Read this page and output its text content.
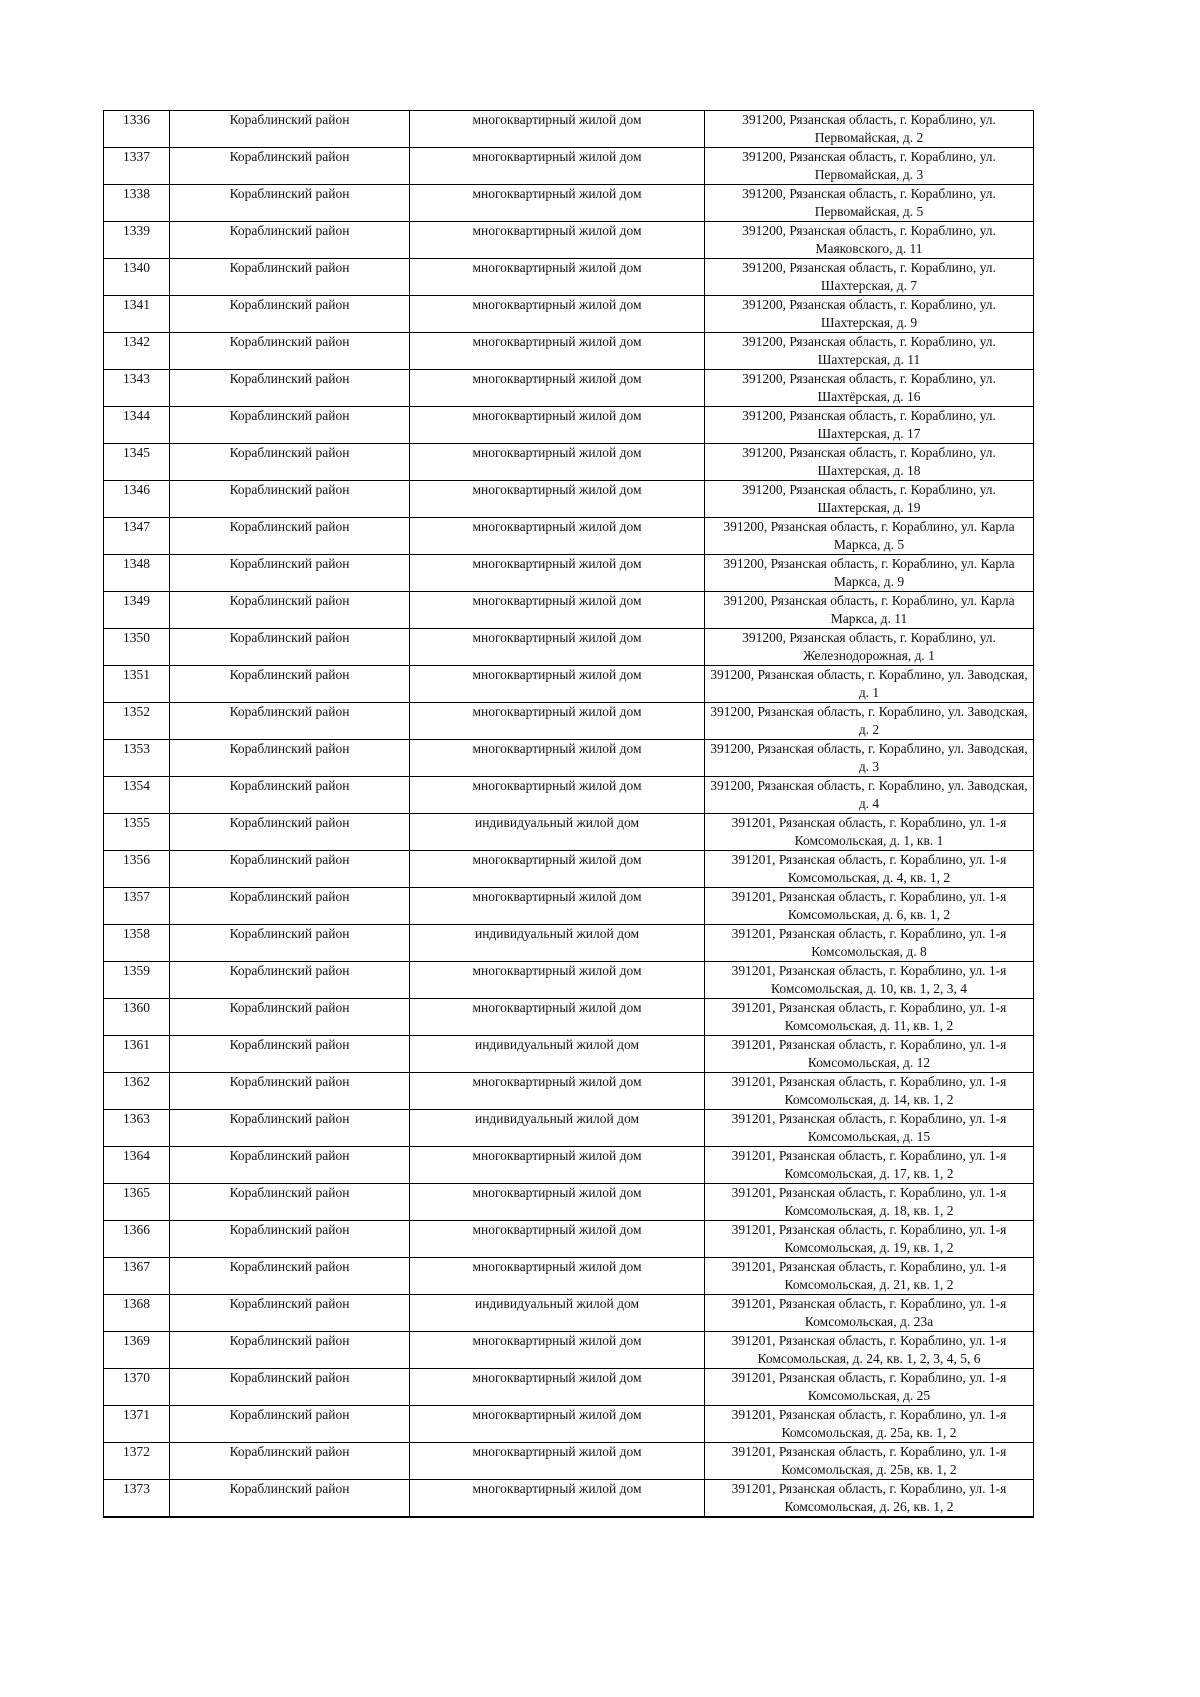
1336	Кораблинский район	многоквартирный жилой дом	391200, Рязанская область, г. Кораблино, ул. Первомайская, д. 2
1337	Кораблинский район	многоквартирный жилой дом	391200, Рязанская область, г. Кораблино, ул. Первомайская, д. 3
1338	Кораблинский район	многоквартирный жилой дом	391200, Рязанская область, г. Кораблино, ул. Первомайская, д. 5
1339	Кораблинский район	многоквартирный жилой дом	391200, Рязанская область, г. Кораблино, ул. Маяковского, д. 11
1340	Кораблинский район	многоквартирный жилой дом	391200, Рязанская область, г. Кораблино, ул. Шахтерская, д. 7
1341	Кораблинский район	многоквартирный жилой дом	391200, Рязанская область, г. Кораблино, ул. Шахтерская, д. 9
1342	Кораблинский район	многоквартирный жилой дом	391200, Рязанская область, г. Кораблино, ул. Шахтерская, д. 11
1343	Кораблинский район	многоквартирный жилой дом	391200, Рязанская область, г. Кораблино, ул. Шахтёрская, д. 16
1344	Кораблинский район	многоквартирный жилой дом	391200, Рязанская область, г. Кораблино, ул. Шахтерская, д. 17
1345	Кораблинский район	многоквартирный жилой дом	391200, Рязанская область, г. Кораблино, ул. Шахтерская, д. 18
1346	Кораблинский район	многоквартирный жилой дом	391200, Рязанская область, г. Кораблино, ул. Шахтерская, д. 19
1347	Кораблинский район	многоквартирный жилой дом	391200, Рязанская область, г. Кораблино, ул. Карла Маркса, д. 5
1348	Кораблинский район	многоквартирный жилой дом	391200, Рязанская область, г. Кораблино, ул. Карла Маркса, д. 9
1349	Кораблинский район	многоквартирный жилой дом	391200, Рязанская область, г. Кораблино, ул. Карла Маркса, д. 11
1350	Кораблинский район	многоквартирный жилой дом	391200, Рязанская область, г. Кораблино, ул. Железнодорожная, д. 1
1351	Кораблинский район	многоквартирный жилой дом	391200, Рязанская область, г. Кораблино, ул. Заводская, д. 1
1352	Кораблинский район	многоквартирный жилой дом	391200, Рязанская область, г. Кораблино, ул. Заводская, д. 2
1353	Кораблинский район	многоквартирный жилой дом	391200, Рязанская область, г. Кораблино, ул. Заводская, д. 3
1354	Кораблинский район	многоквартирный жилой дом	391200, Рязанская область, г. Кораблино, ул. Заводская, д. 4
1355	Кораблинский район	индивидуальный жилой дом	391201, Рязанская область, г. Кораблино, ул. 1-я Комсомольская, д. 1, кв. 1
1356	Кораблинский район	многоквартирный жилой дом	391201, Рязанская область, г. Кораблино, ул. 1-я Комсомольская, д. 4, кв. 1, 2
1357	Кораблинский район	многоквартирный жилой дом	391201, Рязанская область, г. Кораблино, ул. 1-я Комсомольская, д. 6, кв. 1, 2
1358	Кораблинский район	индивидуальный жилой дом	391201, Рязанская область, г. Кораблино, ул. 1-я Комсомольская, д. 8
1359	Кораблинский район	многоквартирный жилой дом	391201, Рязанская область, г. Кораблино, ул. 1-я Комсомольская, д. 10, кв. 1, 2, 3, 4
1360	Кораблинский район	многоквартирный жилой дом	391201, Рязанская область, г. Кораблино, ул. 1-я Комсомольская, д. 11, кв. 1, 2
1361	Кораблинский район	индивидуальный жилой дом	391201, Рязанская область, г. Кораблино, ул. 1-я Комсомольская, д. 12
1362	Кораблинский район	многоквартирный жилой дом	391201, Рязанская область, г. Кораблино, ул. 1-я Комсомольская, д. 14, кв. 1, 2
1363	Кораблинский район	индивидуальный жилой дом	391201, Рязанская область, г. Кораблино, ул. 1-я Комсомольская, д. 15
1364	Кораблинский район	многоквартирный жилой дом	391201, Рязанская область, г. Кораблино, ул. 1-я Комсомольская, д. 17, кв. 1, 2
1365	Кораблинский район	многоквартирный жилой дом	391201, Рязанская область, г. Кораблино, ул. 1-я Комсомольская, д. 18, кв. 1, 2
1366	Кораблинский район	многоквартирный жилой дом	391201, Рязанская область, г. Кораблино, ул. 1-я Комсомольская, д. 19, кв. 1, 2
1367	Кораблинский район	многоквартирный жилой дом	391201, Рязанская область, г. Кораблино, ул. 1-я Комсомольская, д. 21, кв. 1, 2
1368	Кораблинский район	индивидуальный жилой дом	391201, Рязанская область, г. Кораблино, ул. 1-я Комсомольская, д. 23а
1369	Кораблинский район	многоквартирный жилой дом	391201, Рязанская область, г. Кораблино, ул. 1-я Комсомольская, д. 24, кв. 1, 2, 3, 4, 5, 6
1370	Кораблинский район	многоквартирный жилой дом	391201, Рязанская область, г. Кораблино, ул. 1-я Комсомольская, д. 25
1371	Кораблинский район	многоквартирный жилой дом	391201, Рязанская область, г. Кораблино, ул. 1-я Комсомольская, д. 25а, кв. 1, 2
1372	Кораблинский район	многоквартирный жилой дом	391201, Рязанская область, г. Кораблино, ул. 1-я Комсомольская, д. 25в, кв. 1, 2
1373	Кораблинский район	многоквартирный жилой дом	391201, Рязанская область, г. Кораблино, ул. 1-я Комсомольская, д. 26, кв. 1, 2
